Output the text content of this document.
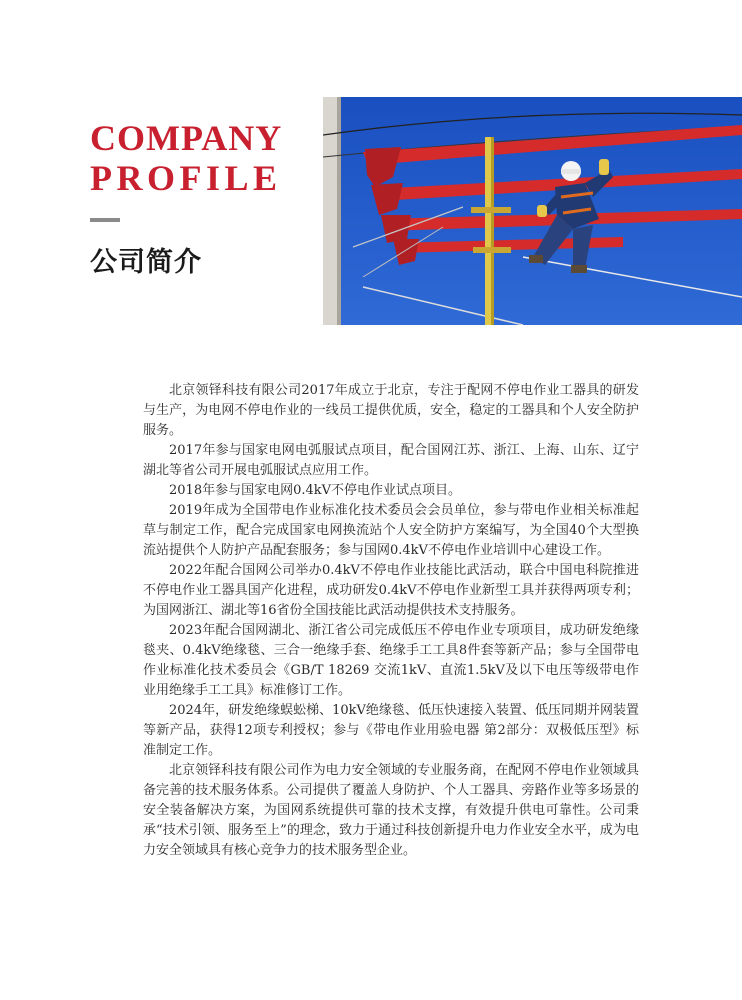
COMPANY
PROFILE
公司简介

北京领铎科技有限公司2017年成立于北京，专注于配网不停电作业工器具的研发与生产，为电网不停电作业的一线员工提供优质，安全，稳定的工器具和个人安全防护服务。

2017年参与国家电网电弧服试点项目，配合国网江苏、浙江、上海、山东、辽宁湖北等省公司开展电弧服试点应用工作。

2018年参与国家电网0.4kV不停电作业试点项目。

2019年成为全国带电作业标准化技术委员会会员单位，参与带电作业相关标准起草与制定工作，配合完成国家电网换流站个人安全防护方案编写，为全国40个大型换流站提供个人防护产品配套服务；参与国网0.4kV不停电作业培训中心建设工作。

2022年配合国网公司举办0.4kV不停电作业技能比武活动，联合中国电科院推进不停电作业工器具国产化进程，成功研发0.4kV不停电作业新型工具并获得两项专利；为国网浙江、湖北等16省份全国技能比武活动提供技术支持服务。

2023年配合国网湖北、浙江省公司完成低压不停电作业专项项目，成功研发绝缘毯夹、0.4kV绝缘毯、三合一绝缘手套、绝缘手工工具8件套等新产品；参与全国带电作业标准化技术委员会《GB/T 18269 交流1kV、直流1.5kV及以下电压等级带电作业用绝缘手工工具》标准修订工作。

2024年，研发绝缘蜈蚣梯、10kV绝缘毯、低压快速接入装置、低压同期并网装置等新产品，获得12项专利授权；参与《带电作业用验电器 第2部分：双极低压型》标准制定工作。

北京领铎科技有限公司作为电力安全领域的专业服务商，在配网不停电作业领域具备完善的技术服务体系。公司提供了覆盖人身防护、个人工器具、旁路作业等多场景的安全装备解决方案，为国网系统提供可靠的技术支撑，有效提升供电可靠性。公司秉承“技术引领、服务至上”的理念，致力于通过科技创新提升电力作业安全水平，成为电力安全领域具有核心竞争力的技术服务型企业。
